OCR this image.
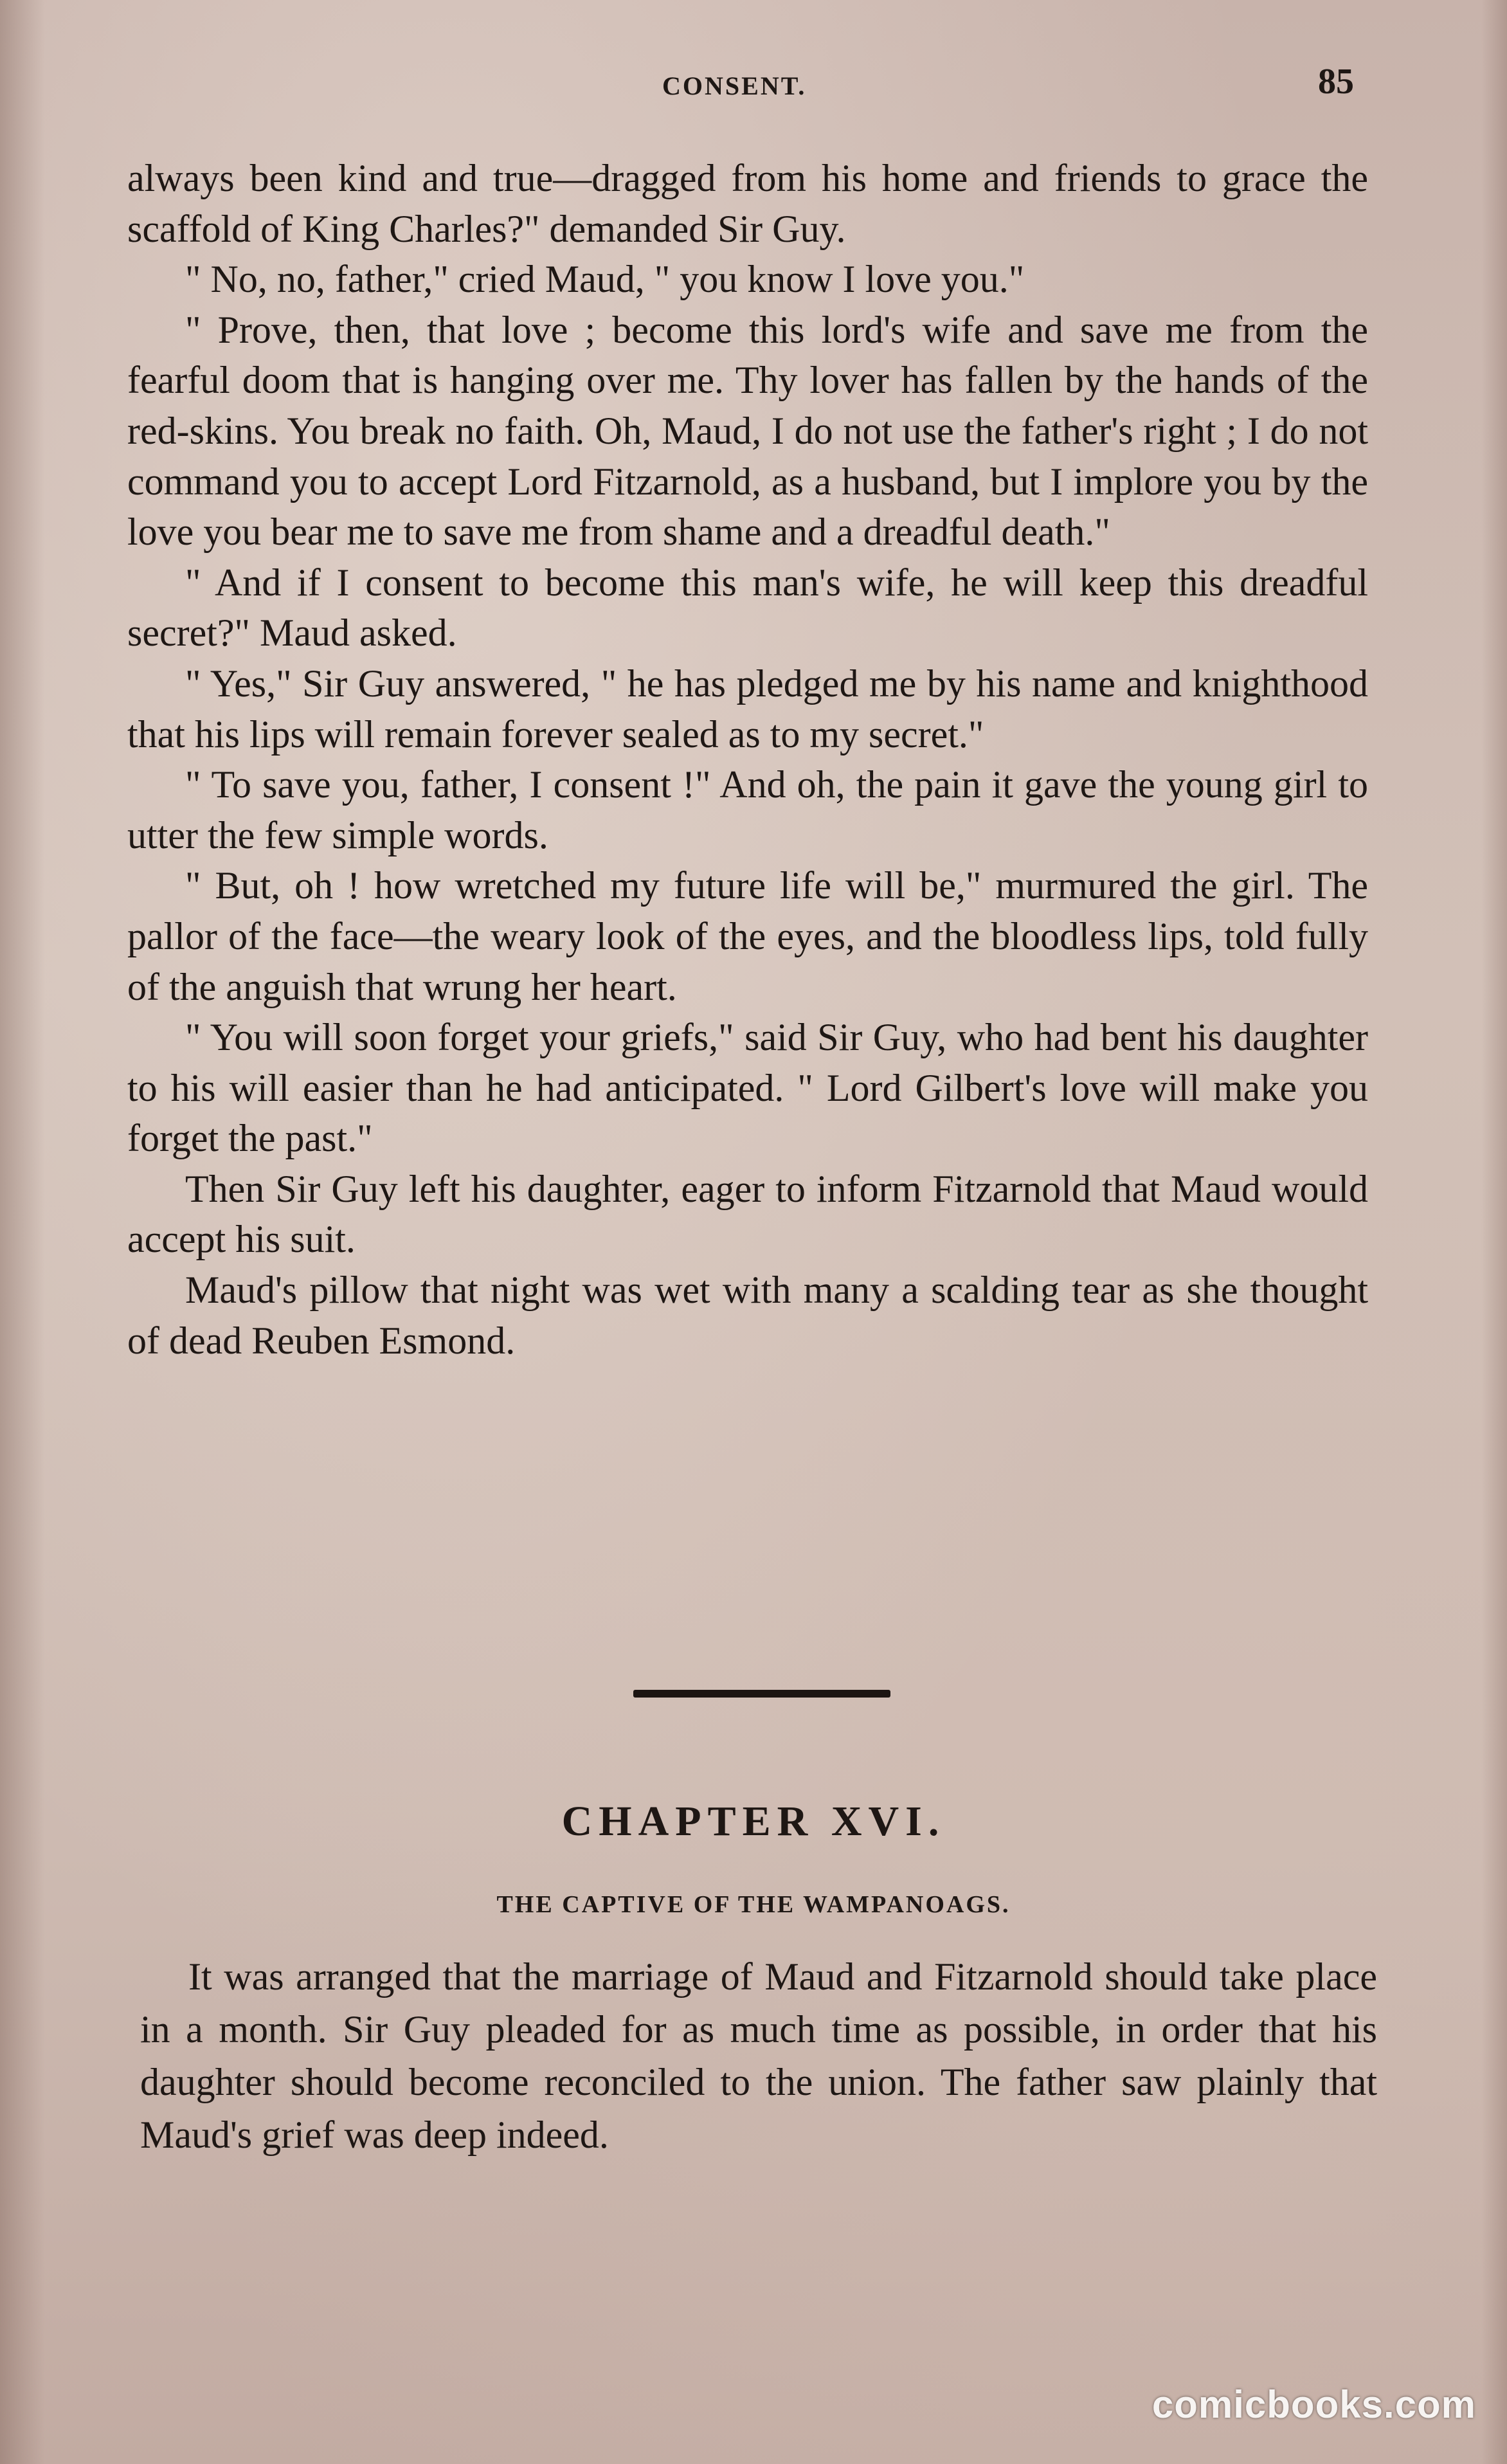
CONSENT.	85

always been kind and true—dragged from his home and friends to grace the scaffold of King Charles?" demanded Sir Guy.

" No, no, father," cried Maud, " you know I love you."

" Prove, then, that love ; become this lord's wife and save me from the fearful doom that is hanging over me. Thy lover has fallen by the hands of the red-skins. You break no faith. Oh, Maud, I do not use the father's right ; I do not command you to accept Lord Fitzarnold, as a husband, but I implore you by the love you bear me to save me from shame and a dreadful death."

" And if I consent to become this man's wife, he will keep this dreadful secret?" Maud asked.

" Yes," Sir Guy answered, " he has pledged me by his name and knighthood that his lips will remain forever sealed as to my secret."

" To save you, father, I consent !" And oh, the pain it gave the young girl to utter the few simple words.

" But, oh ! how wretched my future life will be," murmured the girl. The pallor of the face—the weary look of the eyes, and the bloodless lips, told fully of the anguish that wrung her heart.

" You will soon forget your griefs," said Sir Guy, who had bent his daughter to his will easier than he had anticipated. " Lord Gilbert's love will make you forget the past."

Then Sir Guy left his daughter, eager to inform Fitzarnold that Maud would accept his suit.

Maud's pillow that night was wet with many a scalding tear as she thought of dead Reuben Esmond.

CHAPTER XVI.
THE CAPTIVE OF THE WAMPANOAGS.

It was arranged that the marriage of Maud and Fitzarnold should take place in a month. Sir Guy pleaded for as much time as possible, in order that his daughter should become reconciled to the union. The father saw plainly that Maud's grief was deep indeed.

comicbooks.com
